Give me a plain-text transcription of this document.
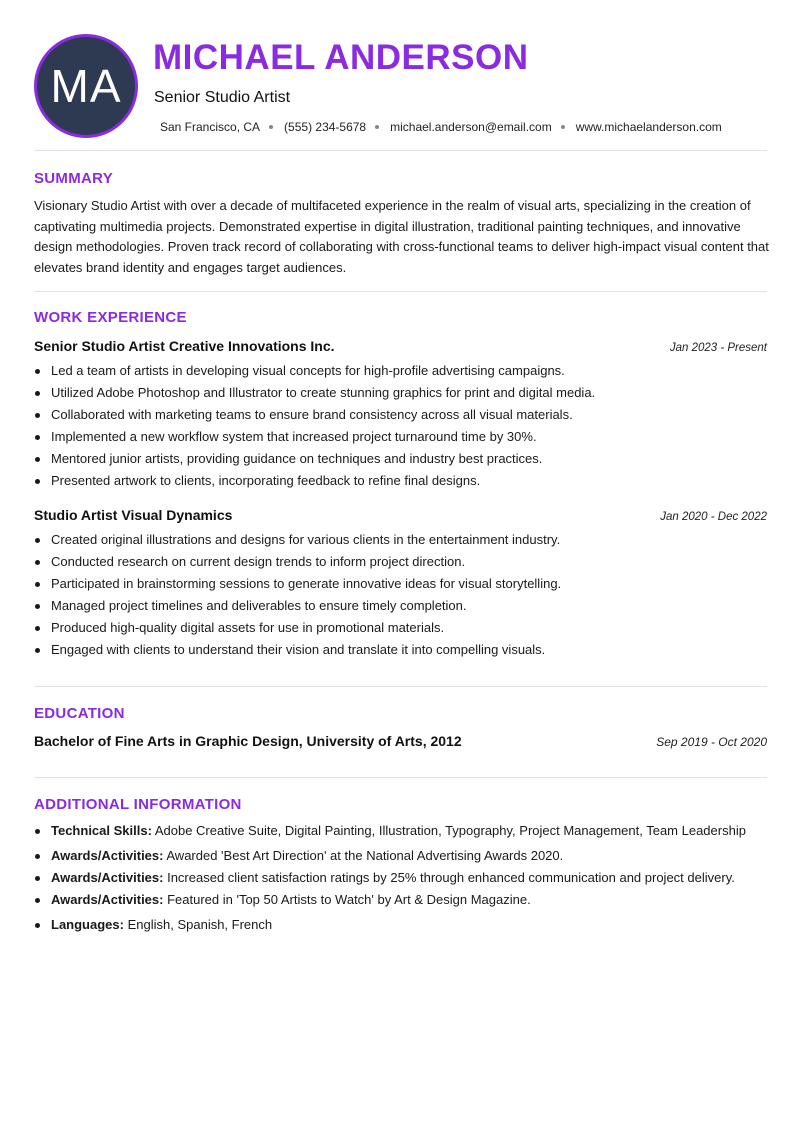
MA
MICHAEL ANDERSON
Senior Studio Artist
San Francisco, CA (555) 234-5678 michael.anderson@email.com www.michaelanderson.com
SUMMARY

Visionary Studio Artist with over a decade of multifaceted experience in the realm of visual arts, specializing in the creation of captivating multimedia projects. Demonstrated expertise in digital illustration, traditional painting techniques, and innovative design methodologies. Proven track record of collaborating with cross-functional teams to deliver high-impact visual content that elevates brand identity and engages target audiences.

WORK EXPERIENCE
Senior Studio Artist Creative Innovations Inc.	Jan 2023 - Present
Led a team of artists in developing visual concepts for high-profile advertising campaigns.
Utilized Adobe Photoshop and Illustrator to create stunning graphics for print and digital media.
Collaborated with marketing teams to ensure brand consistency across all visual materials.
Implemented a new workflow system that increased project turnaround time by 30%.
Mentored junior artists, providing guidance on techniques and industry best practices.
Presented artwork to clients, incorporating feedback to refine final designs.
Studio Artist Visual Dynamics	Jan 2020 - Dec 2022
Created original illustrations and designs for various clients in the entertainment industry.
Conducted research on current design trends to inform project direction.
Participated in brainstorming sessions to generate innovative ideas for visual storytelling.
Managed project timelines and deliverables to ensure timely completion.
Produced high-quality digital assets for use in promotional materials.
Engaged with clients to understand their vision and translate it into compelling visuals.
EDUCATION
Bachelor of Fine Arts in Graphic Design, University of Arts, 2012	Sep 2019 - Oct 2020
ADDITIONAL INFORMATION
Technical Skills: Adobe Creative Suite, Digital Painting, Illustration, Typography, Project Management, Team Leadership
Awards/Activities: Awarded 'Best Art Direction' at the National Advertising Awards 2020.
Awards/Activities: Increased client satisfaction ratings by 25% through enhanced communication and project delivery.
Awards/Activities: Featured in 'Top 50 Artists to Watch' by Art & Design Magazine.
Languages: English, Spanish, French
